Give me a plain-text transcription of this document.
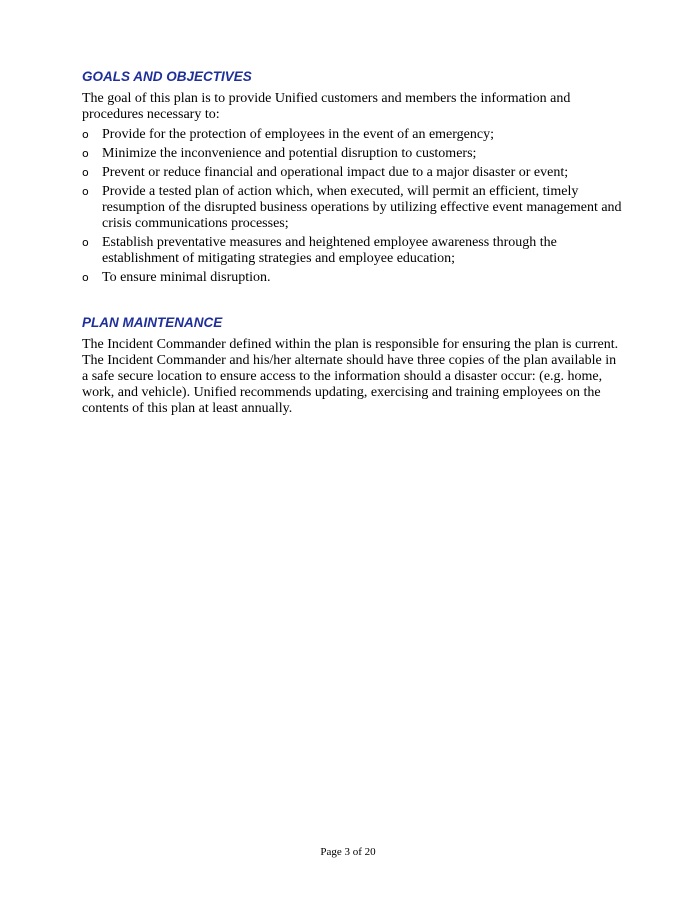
GOALS AND OBJECTIVES

The goal of this plan is to provide Unified customers and members the information and procedures necessary to:

o Provide for the protection of employees in the event of an emergency;
o Minimize the inconvenience and potential disruption to customers;
o Prevent or reduce financial and operational impact due to a major disaster or event;
o Provide a tested plan of action which, when executed, will permit an efficient, timely resumption of the disrupted business operations by utilizing effective event management and crisis communications processes;
o Establish preventative measures and heightened employee awareness through the establishment of mitigating strategies and employee education;
o To ensure minimal disruption.
PLAN MAINTENANCE

The Incident Commander defined within the plan is responsible for ensuring the plan is current. The Incident Commander and his/her alternate should have three copies of the plan available in a safe secure location to ensure access to the information should a disaster occur: (e.g. home, work, and vehicle). Unified recommends updating, exercising and training employees on the contents of this plan at least annually.

Page 3 of 20
